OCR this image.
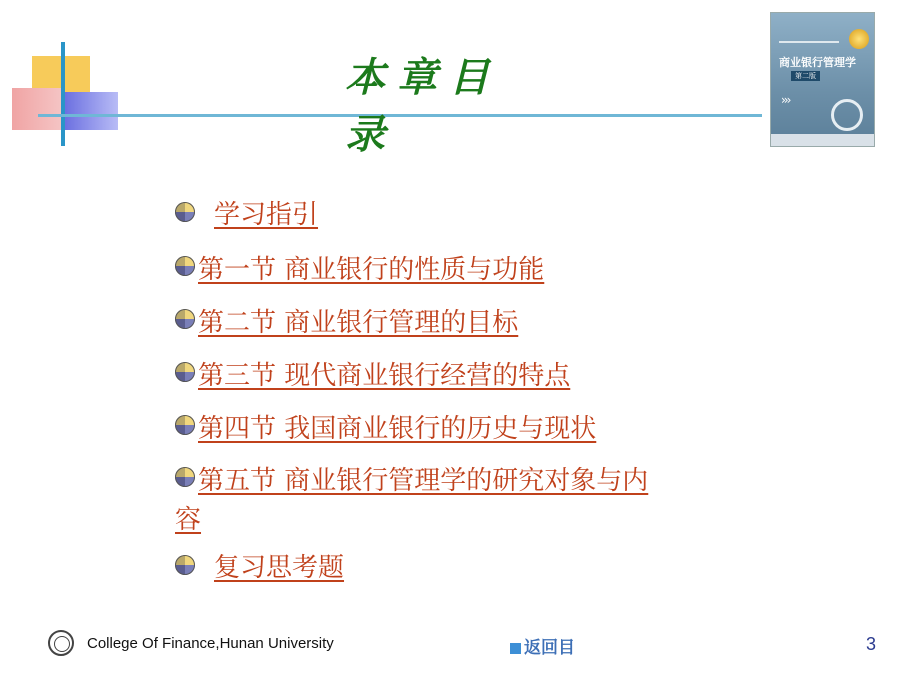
本章目录
商业银行管理学
第二版
›››
学习指引
第一节 商业银行的性质与功能
第二节 商业银行管理的目标
第三节 现代商业银行经营的特点
第四节 我国商业银行的历史与现状
第五节 商业银行管理学的研究对象与内
容
复习思考题
College Of Finance,Hunan University	返回目	3
